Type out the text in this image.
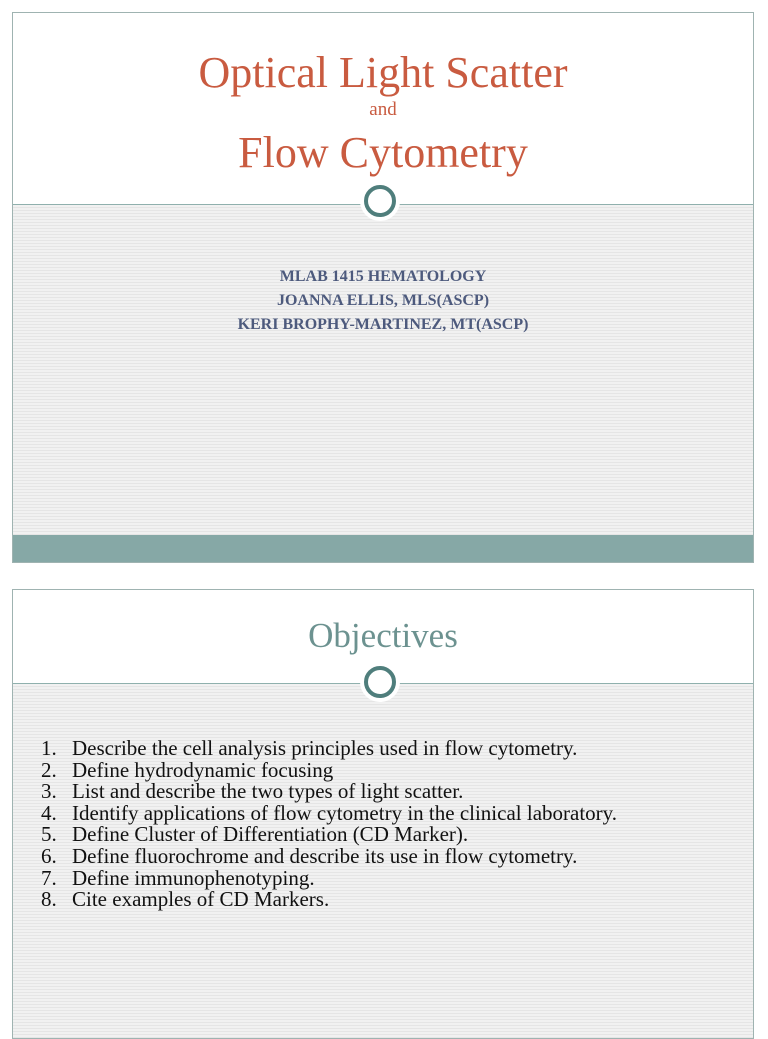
Optical Light Scatter
and
Flow Cytometry
MLAB 1415 HEMATOLOGY
JOANNA ELLIS, MLS(ASCP)
KERI BROPHY-MARTINEZ, MT(ASCP)
Objectives
1. Describe the cell analysis principles used in flow cytometry.
2. Define hydrodynamic focusing
3. List and describe the two types of light scatter.
4. Identify applications of flow cytometry in the clinical laboratory.
5. Define Cluster of Differentiation (CD Marker).
6. Define fluorochrome and describe its use in flow cytometry.
7. Define immunophenotyping.
8. Cite examples of CD Markers.
